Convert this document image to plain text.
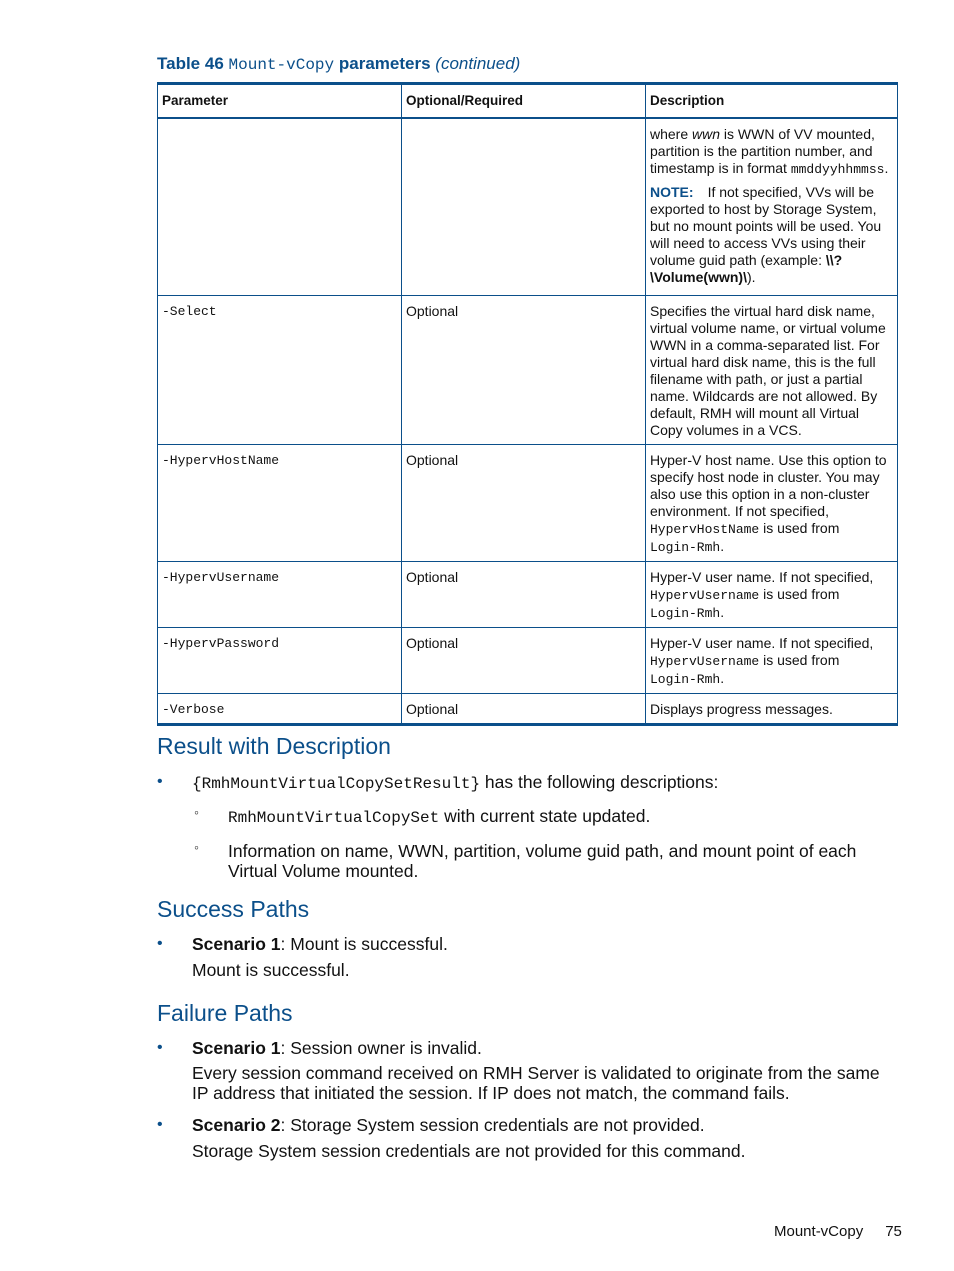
Table 46 Mount-vCopy parameters (continued)
Parameter	Optional/Required	Description

		where wwn is WWN of VV mounted, partition is the partition number, and timestamp is in format mmddyyhhmmss.

NOTE: If not specified, VVs will be exported to host by Storage System, but no mount points will be used. You will need to access VVs using their volume guid path (example: \\?\Volume(wwn)\).

-Select	Optional	Specifies the virtual hard disk name, virtual volume name, or virtual volume WWN in a comma-separated list. For virtual hard disk name, this is the full filename with path, or just a partial name. Wildcards are not allowed. By default, RMH will mount all Virtual Copy volumes in a VCS.
-HypervHostName	Optional	Hyper-V host name. Use this option to specify host node in cluster. You may also use this option in a non-cluster environment. If not specified,
HypervHostName is used from
Login-Rmh.
-HypervUsername	Optional	Hyper-V user name. If not specified,
HypervUsername is used from
Login-Rmh.
-HypervPassword	Optional	Hyper-V user name. If not specified,
HypervUsername is used from
Login-Rmh.
-Verbose	Optional	Displays progress messages.
Result with Description
• {RmhMountVirtualCopySetResult} has the following descriptions:
◦ RmhMountVirtualCopySet with current state updated.
◦ Information on name, WWN, partition, volume guid path, and mount point of each Virtual Volume mounted.
Success Paths
• Scenario 1: Mount is successful.
Mount is successful.
Failure Paths
• Scenario 1: Session owner is invalid.
Every session command received on RMH Server is validated to originate from the same IP address that initiated the session. If IP does not match, the command fails.
• Scenario 2: Storage System session credentials are not provided.
Storage System session credentials are not provided for this command.
Mount-vCopy 75
